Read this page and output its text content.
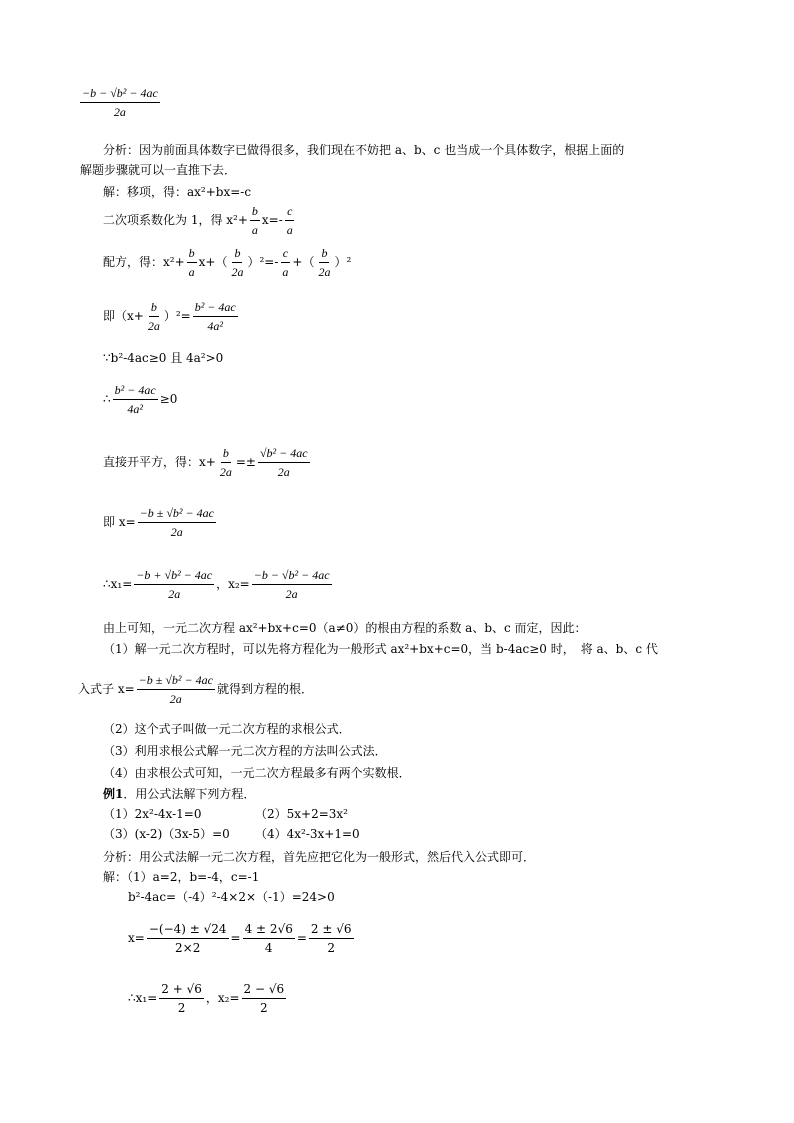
$\frac{\text{−b − √b² − 4ac}}{2a}$
分析：因为前面具体数字已做得很多，我们现在不妨把 a、b、c 也当成一个具体数字，根据上面的
解题步骤就可以一直推下去．
解：移项，得：ax²+bx=-c
二次项系数化为 1，得 $x^2+ \frac{b}{a} x=- \frac{c}{a}$
配方，得：$x^2+ \frac{b}{a} x+( \frac{b}{2a} )^2=- \frac{c}{a}$ +（ $\frac{b}{2a} )^2$
即$(x+ \frac{b}{2a} )^2= \frac{\text{b² − 4ac}}{\text{4a²}}$
∵b²-4ac≥0 且 4a²>0
∴ $\frac{\text{b² − 4ac}}{\text{4a²}} \ge 0$
直接开平方，得：$x+ \frac{b}{2a} =\pm \frac{\text{√b² − 4ac}}{2a}$
即 $x= \frac{\text{−b ± √b² − 4ac}}{2a}$
∴x₁= $\frac{\text{−b + √b² − 4ac}}{2a}$ ，$x_2= \frac{\text{−b − √b² − 4ac}}{2a}$
由上可知，一元二次方程 ax²+bx+c=0（a≠0）的根由方程的系数 a、b、c 而定，因此：
（1）解一元二次方程时，可以先将方程化为一般形式 ax²+bx+c=0，当 b-4ac≥0 时，　将 a、b、c 代
入式子 $x= \frac{\text{−b ± √b² − 4ac}}{2a}$ 就得到方程的根．
（2）这个式子叫做一元二次方程的求根公式．
（3）利用求根公式解一元二次方程的方法叫公式法．
（4）由求根公式可知，一元二次方程最多有两个实数根．
例1．用公式法解下列方程．
（1）2x²-4x-1=0	（2）5x+2=3x²
（3）(x-2)（3x-5）=0 （4）4x²-3x+1=0
分析：用公式法解一元二次方程，首先应把它化为一般形式，然后代入公式即可．
解：（1）a=2，b=-4，c=-1
b²-4ac=（-4）²-4×2×（-1）=24>0
$x= \frac{-(-4) \pm √24}{2\times 2} = \frac{4 \pm 2√6}{4} = \frac{2 \pm √6}{2}$
∴x₁= $\frac{2 + √6}{2}$ ，$x_2= \frac{2 - √6}{2}$
